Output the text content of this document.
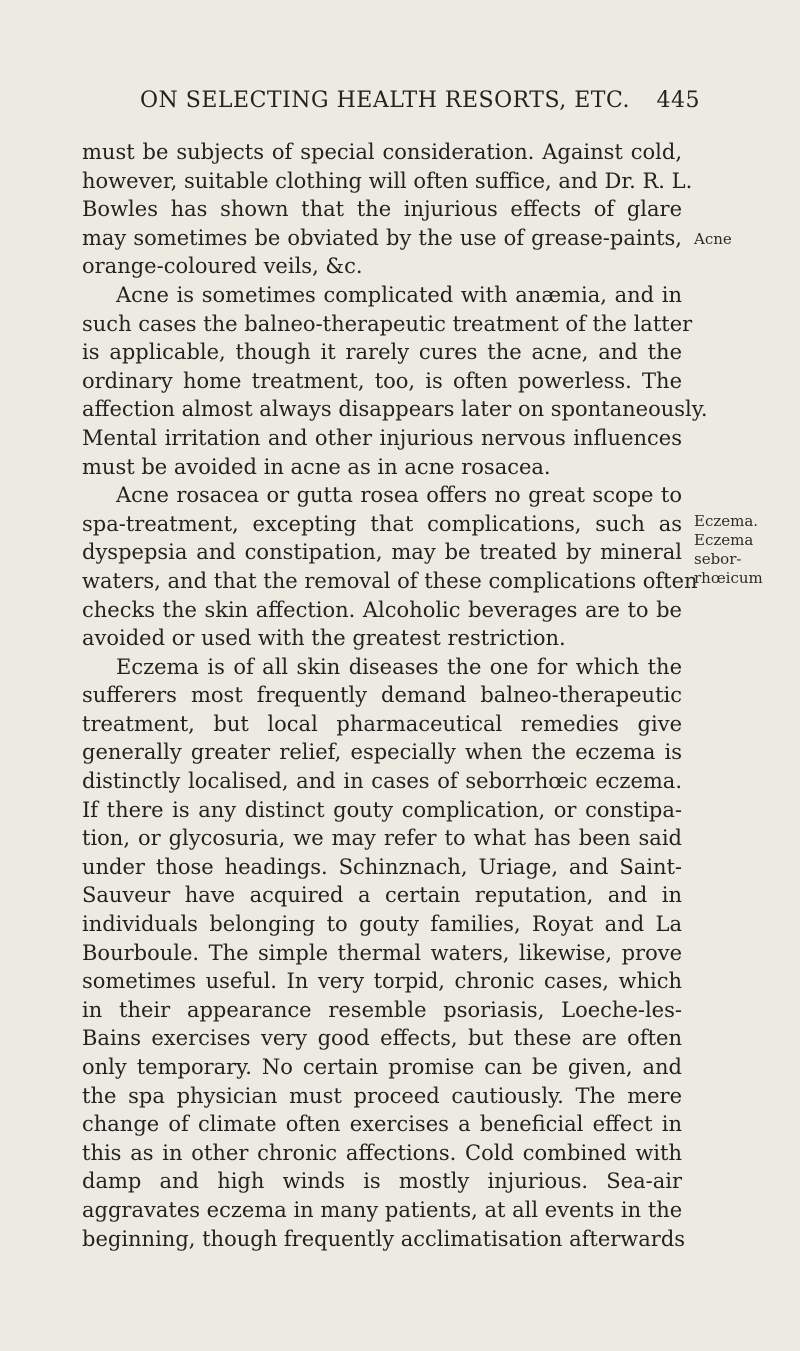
ON SELECTING HEALTH RESORTS, ETC. 445
must be subjects of special consideration. Against cold,
however, suitable clothing will often suffice, and Dr. R. L.
Bowles has shown that the injurious effects of glare
may sometimes be obviated by the use of grease-paints,
orange-coloured veils, &c.
Acne is sometimes complicated with anæmia, and in
such cases the balneo-therapeutic treatment of the latter
is applicable, though it rarely cures the acne, and the
ordinary home treatment, too, is often powerless. The
affection almost always disappears later on spontaneously.
Mental irritation and other injurious nervous influences
must be avoided in acne as in acne rosacea.
Acne rosacea or gutta rosea offers no great scope to
spa-treatment, excepting that complications, such as
dyspepsia and constipation, may be treated by mineral
waters, and that the removal of these complications often
checks the skin affection. Alcoholic beverages are to be
avoided or used with the greatest restriction.
Eczema is of all skin diseases the one for which the
sufferers most frequently demand balneo-therapeutic
treatment, but local pharmaceutical remedies give
generally greater relief, especially when the eczema is
distinctly localised, and in cases of seborrhœic eczema.
If there is any distinct gouty complication, or constipa-
tion, or glycosuria, we may refer to what has been said
under those headings. Schinznach, Uriage, and Saint-
Sauveur have acquired a certain reputation, and in
individuals belonging to gouty families, Royat and La
Bourboule. The simple thermal waters, likewise, prove
sometimes useful. In very torpid, chronic cases, which
in their appearance resemble psoriasis, Loeche-les-
Bains exercises very good effects, but these are often
only temporary. No certain promise can be given, and
the spa physician must proceed cautiously. The mere
change of climate often exercises a beneficial effect in
this as in other chronic affections. Cold combined with
damp and high winds is mostly injurious. Sea-air
aggravates eczema in many patients, at all events in the
beginning, though frequently acclimatisation afterwards
Acne
Eczema.
Eczema
sebor-
rhœicum
